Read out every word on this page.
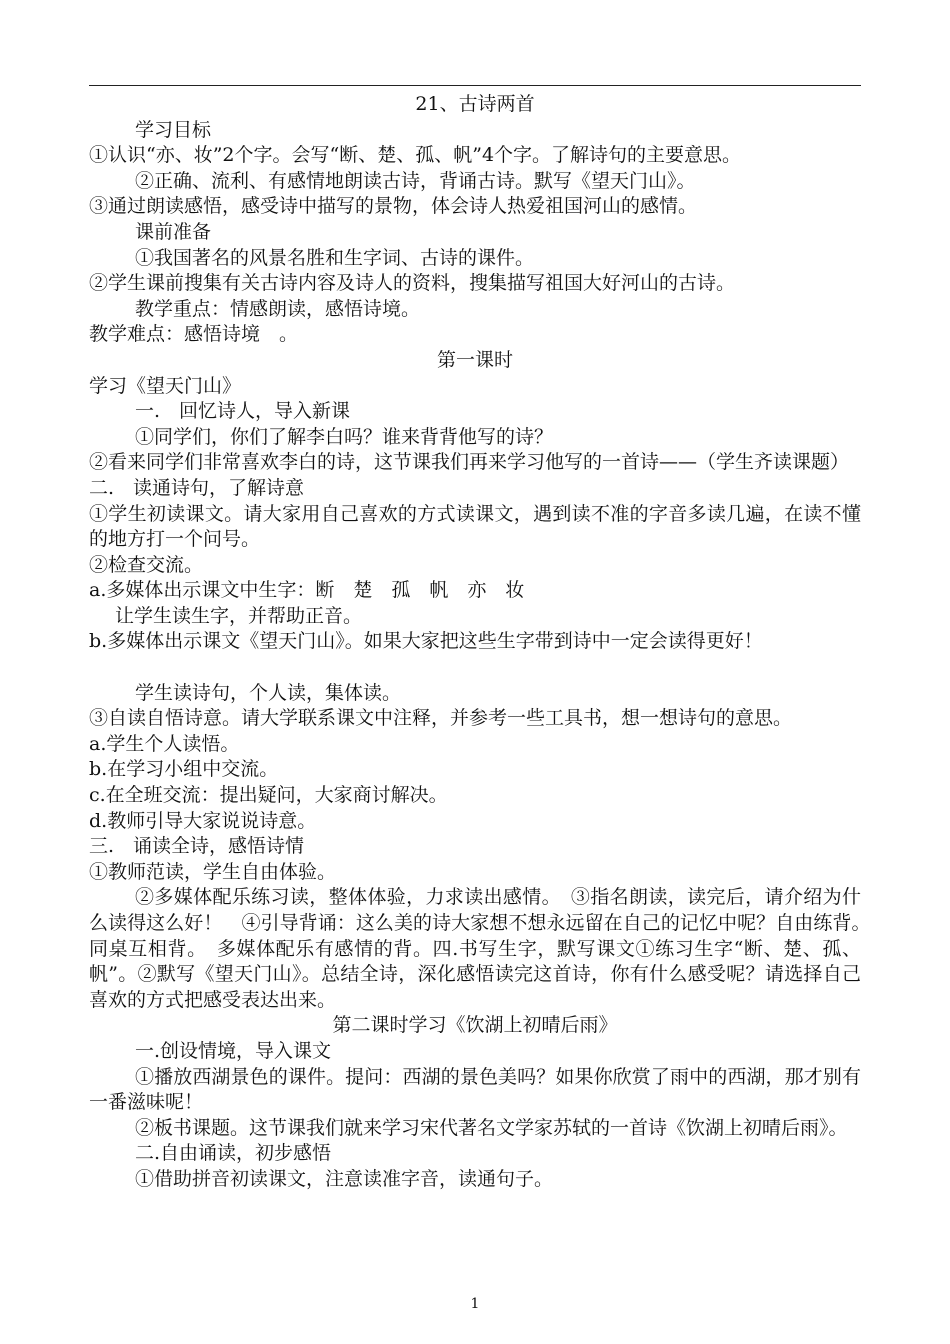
21、古诗两首
学习目标
①认识“亦、妆”2个字。会写“断、楚、孤、帆”4个字。了解诗句的主要意思。
②正确、流利、有感情地朗读古诗，背诵古诗。默写《望天门山》。
③通过朗读感悟，感受诗中描写的景物，体会诗人热爱祖国河山的感情。
课前准备
①我国著名的风景名胜和生字词、古诗的课件。
②学生课前搜集有关古诗内容及诗人的资料，搜集描写祖国大好河山的古诗。
教学重点：情感朗读，感悟诗境。
教学难点：感悟诗境　。
第一课时
学习《望天门山》
一.　回忆诗人，导入新课
①同学们，你们了解李白吗？谁来背背他写的诗？
②看来同学们非常喜欢李白的诗，这节课我们再来学习他写的一首诗——（学生齐读课题）
二.　读通诗句，了解诗意
①学生初读课文。请大家用自己喜欢的方式读课文，遇到读不准的字音多读几遍，在读不懂的地方打一个问号。
②检查交流。
a.多媒体出示课文中生字：断　楚　孤　帆　亦　妆
让学生读生字，并帮助正音。
b.多媒体出示课文《望天门山》。如果大家把这些生字带到诗中一定会读得更好！
学生读诗句，个人读，集体读。
③自读自悟诗意。请大学联系课文中注释，并参考一些工具书，想一想诗句的意思。
a.学生个人读悟。
b.在学习小组中交流。
c.在全班交流：提出疑问，大家商讨解决。
d.教师引导大家说说诗意。
三.　诵读全诗，感悟诗情
①教师范读，学生自由体验。
②多媒体配乐练习读，整体体验，力求读出感情。　③指名朗读，读完后，请介绍为什么读得这么好！　④引导背诵：这么美的诗大家想不想永远留在自己的记忆中呢？自由练背。　同桌互相背。　多媒体配乐有感情的背。四.书写生字，默写课文①练习生字“断、楚、孤、帆”。②默写《望天门山》。总结全诗，深化感悟读完这首诗，你有什么感受呢？请选择自己喜欢的方式把感受表达出来。
第二课时学习《饮湖上初晴后雨》
一.创设情境，导入课文
①播放西湖景色的课件。提问：西湖的景色美吗？如果你欣赏了雨中的西湖，那才别有一番滋味呢！
②板书课题。这节课我们就来学习宋代著名文学家苏轼的一首诗《饮湖上初晴后雨》。
二.自由诵读，初步感悟
①借助拼音初读课文，注意读准字音，读通句子。
1
